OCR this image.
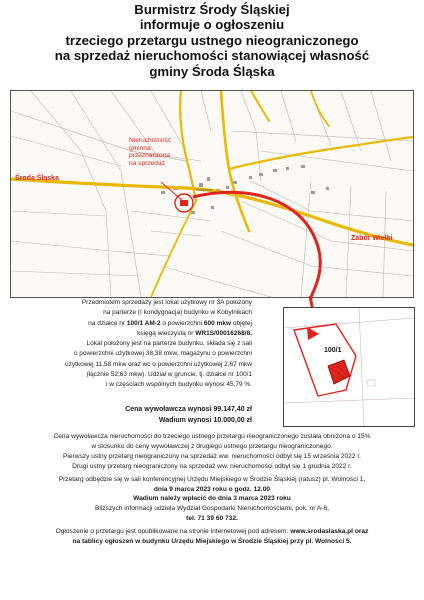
Burmistrz Środy Śląskiej
informuje o ogłoszeniu
trzeciego przetargu ustnego nieograniczonego
na sprzedaż nieruchomości stanowiącej własność
gminy Środa Śląska
Kobylniki
Środa Śląska
Zabór Wielki
Nieruchomość
gminna
przeznaczona
na sprzedaż
100/1

Przedmiotem sprzedaży jest lokal użytkowy nr 3A położony

na parterze (I kondygnacja) budynku w Kobylnikach

na działce nr 100/1 AM-2 o powierzchni 600 mkw objętej

księgą wieczystą nr WR1S/00016268/8.

Lokal położony jest na parterze budynku, składa się z sali

o powierzchni użytkowej 38,38 mkw, magazynu o powierzchni

użytkowej 11,58 mkw oraz wc o powierzchni użytkowej 2,67 mkw

(łącznie 52,63 mkw). Udział w gruncie, tj. działce nr 100/1

i w częściach wspólnych budynku wynosi 45,79 %.

Cena wywoławcza wynosi 99.147,40 zł

Wadium wynosi 10.000,00 zł

Cena wywoławcza nieruchomości do trzeciego ustnego przetargu nieograniczonego została obniżona o 15%

w stosunku do ceny wywoławczej z drugiego ustnego przetargu nieograniczonego.

Pierwszy ustny przetarg nieograniczony na sprzedaż ww. nieruchomości odbył się 15 września 2022 r.

Drugi ustny przetarg nieograniczony na sprzedaż ww. nieruchomości odbył się 1 grudnia 2022 r.

Przetarg odbędzie się w sali konferencyjnej Urzędu Miejskiego w Środzie Śląskiej (ratusz) pl. Wolności 1,

dnia 9 marca 2023 roku o godz. 12.00

Wadium należy wpłacić do dnia 3 marca 2023 roku

Bliższych informacji udziela Wydział Gospodarki Nieruchomościami, pok. nr A-6,

tel. 71 39 60 732.

Ogłoszenie o przetargu jest opublikowane na stronie internetowej pod adresem: www.srodaslaska.pl oraz

na tablicy ogłoszeń w budynku Urzędu Miejskiego w Środzie Śląskiej przy pl. Wolności 5.
